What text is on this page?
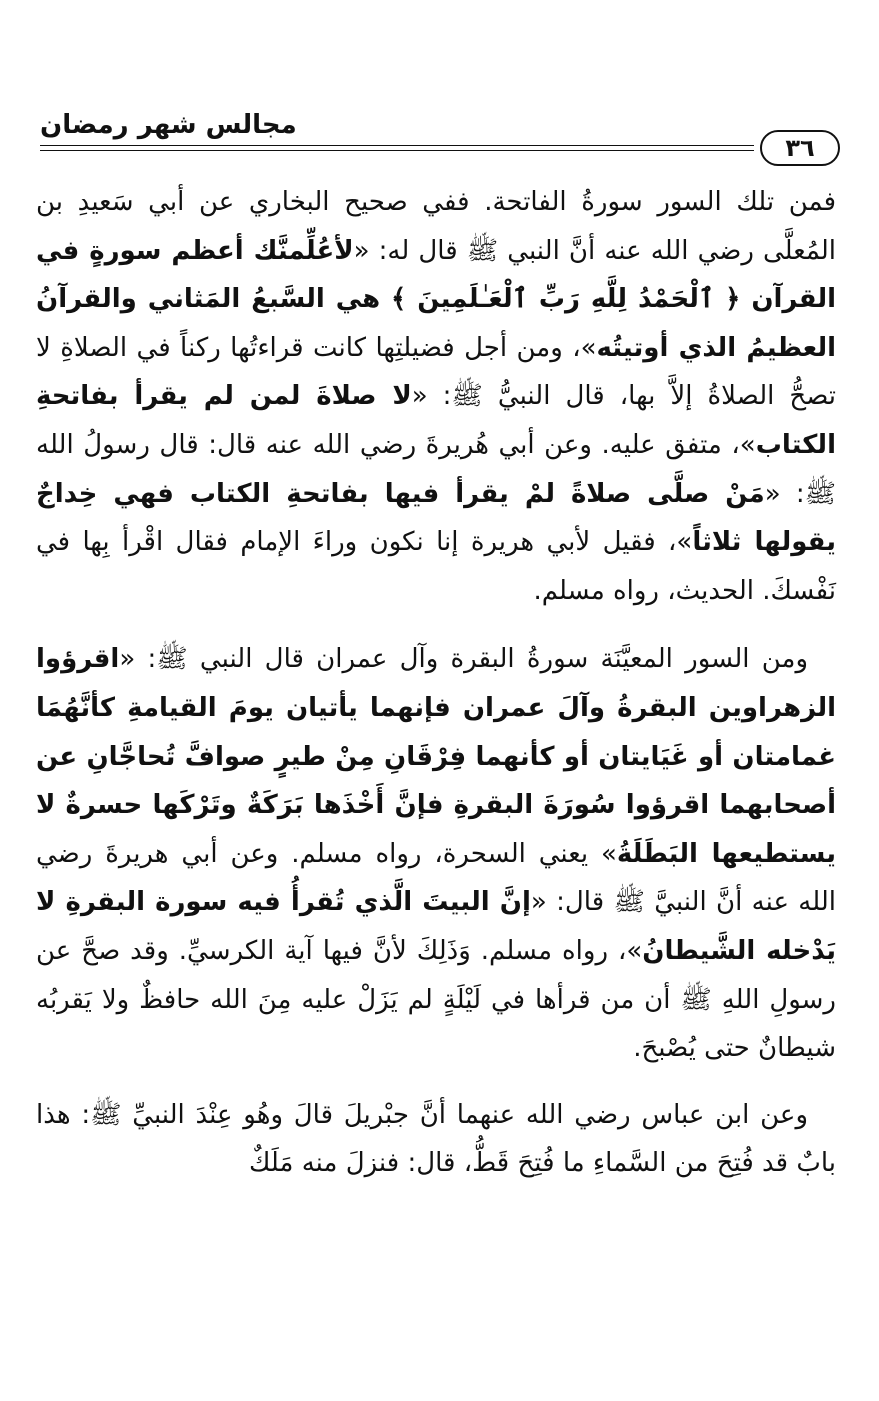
مجالس شهر رمضان
٣٦

فمن تلك السور سورةُ الفاتحة. ففي صحيح البخاري عن أبي سَعيدِ بن المُعلَّى رضي الله عنه أنَّ النبي ﷺ قال له: «لأعُلِّمنَّك أعظم سورةٍ في القرآن ﴿ ٱلْحَمْدُ لِلَّهِ رَبِّ ٱلْعَـٰلَمِينَ ﴾ هي السَّبعُ المَثاني والقرآنُ العظيمُ الذي أوتيتُه»، ومن أجل فضيلتِها كانت قراءتُها ركناً في الصلاةِ لا تصحُّ الصلاةُ إلاَّ بها، قال النبيُّ ﷺ: «لا صلاةَ لمن لم يقرأ بفاتحةِ الكتاب»، متفق عليه. وعن أبي هُريرةَ رضي الله عنه قال: قال رسولُ الله ﷺ: «مَنْ صلَّى صلاةً لمْ يقرأ فيها بفاتحةِ الكتاب فهي خِداجٌ يقولها ثلاثاً»، فقيل لأبي هريرة إنا نكون وراءَ الإمام فقال اقْرأ بِها في نَفْسكَ. الحديث، رواه مسلم.

ومن السور المعيَّنَة سورةُ البقرة وآل عمران قال النبي ﷺ: «اقرؤوا الزهراوين البقرةُ وآلَ عمران فإنهما يأتيان يومَ القيامةِ كأنَّهُمَا غمامتان أو غَيَايتان أو كأنهما فِرْقَانِ مِنْ طيرٍ صوافَّ تُحاجَّانِ عن أصحابهما اقرؤوا سُورَةَ البقرةِ فإنَّ أَخْذَها بَرَكَةٌ وتَرْكَها حسرةٌ لا يستطيعها البَطَلَةُ» يعني السحرة، رواه مسلم. وعن أبي هريرةَ رضي الله عنه أنَّ النبيَّ ﷺ قال: «إنَّ البيتَ الَّذي تُقرأُ فيه سورة البقرةِ لا يَدْخله الشَّيطانُ»، رواه مسلم. وَذَلِكَ لأنَّ فيها آية الكرسيِّ. وقد صحَّ عن رسولِ اللهِ ﷺ أن من قرأها في لَيْلَةٍ لم يَزَلْ عليه مِنَ الله حافظٌ ولا يَقربُه شيطانٌ حتى يُصْبحَ.

وعن ابن عباس رضي الله عنهما أنَّ جبْريلَ قالَ وهُو عِنْدَ النبيِّ ﷺ: هذا بابٌ قد فُتِحَ من السَّماءِ ما فُتِحَ قَطُّ، قال: فنزلَ منه مَلَكٌ
